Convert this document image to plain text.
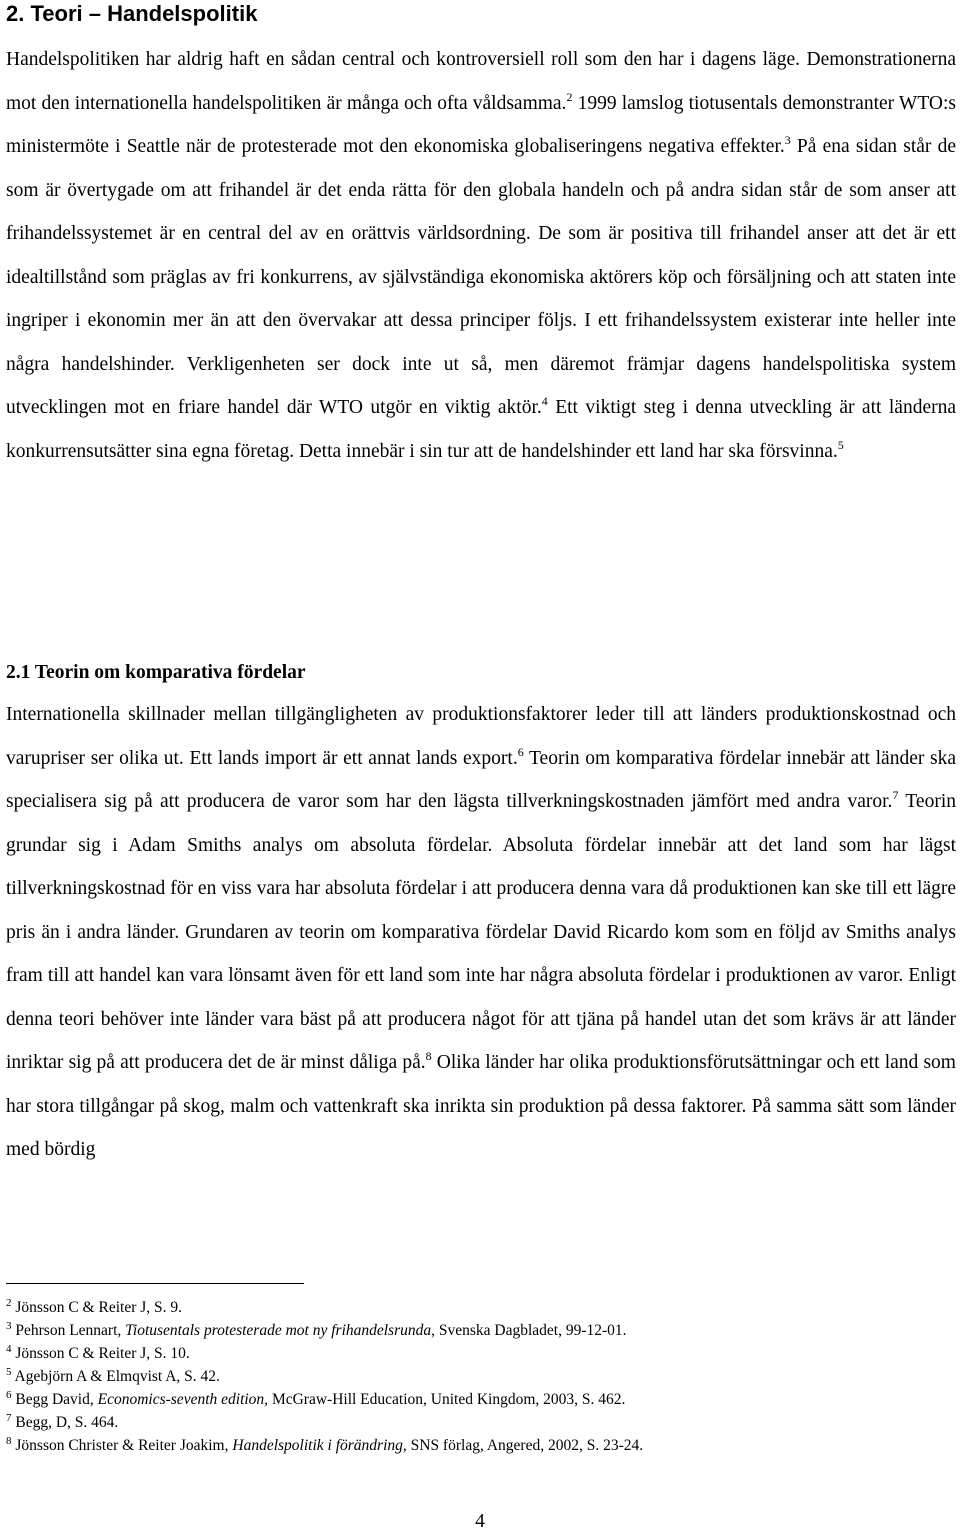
2. Teori – Handelspolitik

Handelspolitiken har aldrig haft en sådan central och kontroversiell roll som den har i dagens läge. Demonstrationerna mot den internationella handelspolitiken är många och ofta våldsamma.$^2$ 1999 lamslog tiotusentals demonstranter WTO:s ministermöte i Seattle när de protesterade mot den ekonomiska globaliseringens negativa effekter.$^3$ På ena sidan står de som är övertygade om att frihandel är det enda rätta för den globala handeln och på andra sidan står de som anser att frihandelssystemet är en central del av en orättvis världsordning. De som är positiva till frihandel anser att det är ett idealtillstånd som präglas av fri konkurrens, av självständiga ekonomiska aktörers köp och försäljning och att staten inte ingriper i ekonomin mer än att den övervakar att dessa principer följs. I ett frihandelssystem existerar inte heller inte några handelshinder. Verkligenheten ser dock inte ut så, men däremot främjar dagens handelspolitiska system utvecklingen mot en friare handel där WTO utgör en viktig aktör.$^4$ Ett viktigt steg i denna utveckling är att länderna konkurrensutsätter sina egna företag. Detta innebär i sin tur att de handelshinder ett land har ska försvinna.$^5$

2.1 Teorin om komparativa fördelar

Internationella skillnader mellan tillgängligheten av produktionsfaktorer leder till att länders produktionskostnad och varupriser ser olika ut. Ett lands import är ett annat lands export.$^6$ Teorin om komparativa fördelar innebär att länder ska specialisera sig på att producera de varor som har den lägsta tillverkningskostnaden jämfört med andra varor.$^7$ Teorin grundar sig i Adam Smiths analys om absoluta fördelar. Absoluta fördelar innebär att det land som har lägst tillverkningskostnad för en viss vara har absoluta fördelar i att producera denna vara då produktionen kan ske till ett lägre pris än i andra länder. Grundaren av teorin om komparativa fördelar David Ricardo kom som en följd av Smiths analys fram till att handel kan vara lönsamt även för ett land som inte har några absoluta fördelar i produktionen av varor. Enligt denna teori behöver inte länder vara bäst på att producera något för att tjäna på handel utan det som krävs är att länder inriktar sig på att producera det de är minst dåliga på.$^8$ Olika länder har olika produktionsförutsättningar och ett land som har stora tillgångar på skog, malm och vattenkraft ska inrikta sin produktion på dessa faktorer. På samma sätt som länder med bördig

$^2$ Jönsson C & Reiter J, S. 9.
$^3$ Pehrson Lennart, Tiotusentals protesterade mot ny frihandelsrunda, Svenska Dagbladet, 99-12-01.
$^4$ Jönsson C & Reiter J, S. 10.
$^5$ Agebjörn A & Elmqvist A, S. 42.
$^6$ Begg David, Economics-seventh edition, McGraw-Hill Education, United Kingdom, 2003, S. 462.
$^7$ Begg, D, S. 464.
$^8$ Jönsson Christer & Reiter Joakim, Handelspolitik i förändring, SNS förlag, Angered, 2002, S. 23-24.
4
